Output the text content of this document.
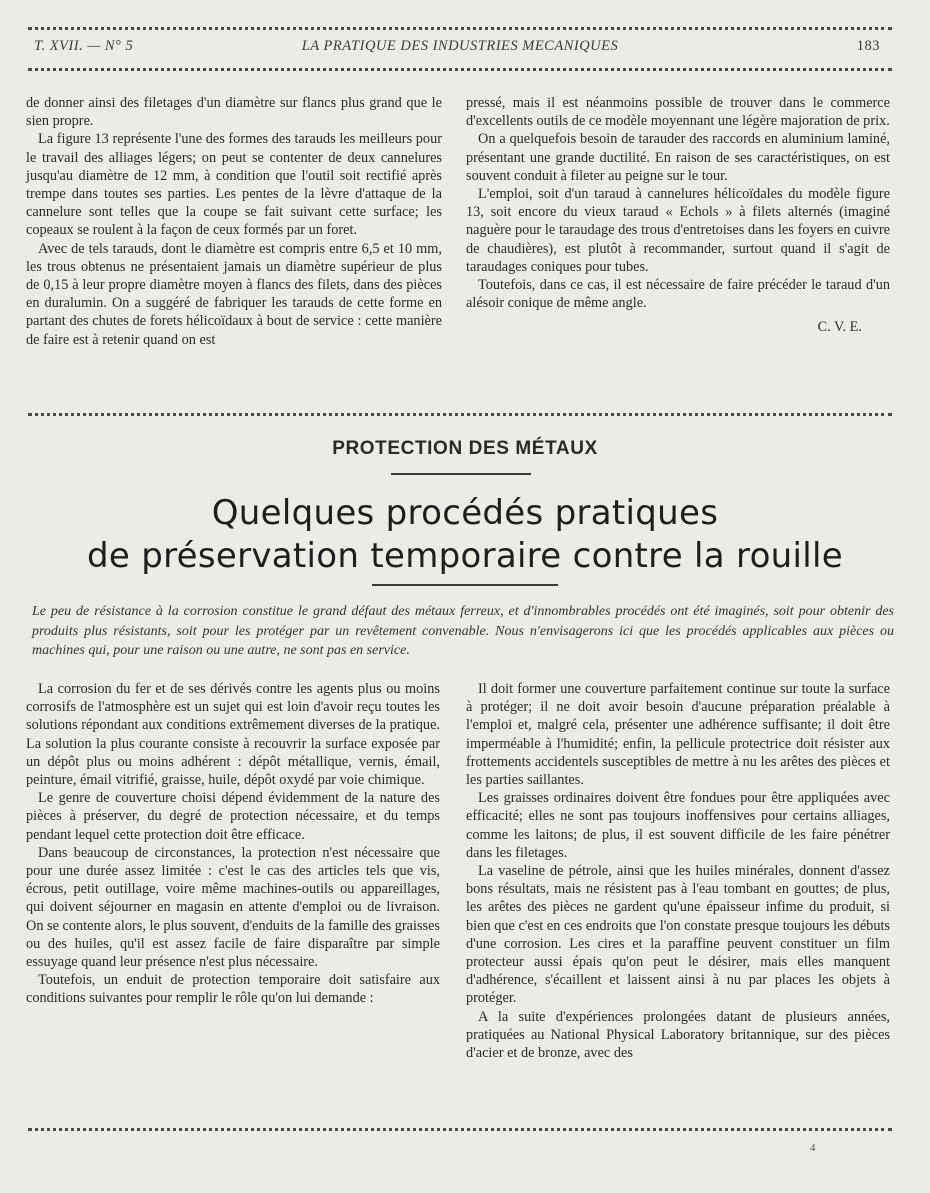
T. XVII. — N° 5	LA PRATIQUE DES INDUSTRIES MECANIQUES	183

de donner ainsi des filetages d'un diamètre sur flancs plus grand que le sien propre.

La figure 13 représente l'une des formes des tarauds les meilleurs pour le travail des alliages légers; on peut se contenter de deux cannelures jusqu'au diamètre de 12 mm, à condition que l'outil soit rectifié après trempe dans toutes ses parties. Les pentes de la lèvre d'attaque de la cannelure sont telles que la coupe se fait suivant cette surface; les copeaux se roulent à la façon de ceux formés par un foret.

Avec de tels tarauds, dont le diamètre est compris entre 6,5 et 10 mm, les trous obtenus ne présentaient jamais un diamètre supérieur de plus de 0,15 à leur propre diamètre moyen à flancs des filets, dans des pièces en duralumin. On a suggéré de fabriquer les tarauds de cette forme en partant des chutes de forets hélicoïdaux à bout de service : cette manière de faire est à retenir quand on est

pressé, mais il est néanmoins possible de trouver dans le commerce d'excellents outils de ce modèle moyennant une légère majoration de prix.

On a quelquefois besoin de tarauder des raccords en aluminium laminé, présentant une grande ductilité. En raison de ses caractéristiques, on est souvent conduit à fileter au peigne sur le tour.

L'emploi, soit d'un taraud à cannelures hélicoïdales du modèle figure 13, soit encore du vieux taraud « Echols » à filets alternés (imaginé naguère pour le taraudage des trous d'entretoises dans les foyers en cuivre de chaudières), est plutôt à recommander, surtout quand il s'agit de taraudages coniques pour tubes.

Toutefois, dans ce cas, il est nécessaire de faire précéder le taraud d'un alésoir conique de même angle.

C. V. E.
PROTECTION DES MÉTAUX
Quelques procédés pratiques
de préservation temporaire contre la rouille
Le peu de résistance à la corrosion constitue le grand défaut des métaux ferreux, et d'innombrables procédés ont été imaginés, soit pour obtenir des produits plus résistants, soit pour les protéger par un revêtement convenable. Nous n'envisagerons ici que les procédés applicables aux pièces ou machines qui, pour une raison ou une autre, ne sont pas en service.

La corrosion du fer et de ses dérivés contre les agents plus ou moins corrosifs de l'atmosphère est un sujet qui est loin d'avoir reçu toutes les solutions répondant aux conditions extrêmement diverses de la pratique. La solution la plus courante consiste à recouvrir la surface exposée par un dépôt plus ou moins adhérent : dépôt métallique, vernis, émail, peinture, émail vitrifié, graisse, huile, dépôt oxydé par voie chimique.

Le genre de couverture choisi dépend évidemment de la nature des pièces à préserver, du degré de protection nécessaire, et du temps pendant lequel cette protection doit être efficace.

Dans beaucoup de circonstances, la protection n'est nécessaire que pour une durée assez limitée : c'est le cas des articles tels que vis, écrous, petit outillage, voire même machines-outils ou appareillages, qui doivent séjourner en magasin en attente d'emploi ou de livraison. On se contente alors, le plus souvent, d'enduits de la famille des graisses ou des huiles, qu'il est assez facile de faire disparaître par simple essuyage quand leur présence n'est plus nécessaire.

Toutefois, un enduit de protection temporaire doit satisfaire aux conditions suivantes pour remplir le rôle qu'on lui demande :

Il doit former une couverture parfaitement continue sur toute la surface à protéger; il ne doit avoir besoin d'aucune préparation préalable à l'emploi et, malgré cela, présenter une adhérence suffisante; il doit être imperméable à l'humidité; enfin, la pellicule protectrice doit résister aux frottements accidentels susceptibles de mettre à nu les arêtes des pièces et les parties saillantes.

Les graisses ordinaires doivent être fondues pour être appliquées avec efficacité; elles ne sont pas toujours inoffensives pour certains alliages, comme les laitons; de plus, il est souvent difficile de les faire pénétrer dans les filetages.

La vaseline de pétrole, ainsi que les huiles minérales, donnent d'assez bons résultats, mais ne résistent pas à l'eau tombant en gouttes; de plus, les arêtes des pièces ne gardent qu'une épaisseur infime du produit, si bien que c'est en ces endroits que l'on constate presque toujours les débuts d'une corrosion. Les cires et la paraffine peuvent constituer un film protecteur aussi épais qu'on peut le désirer, mais elles manquent d'adhérence, s'écaillent et laissent ainsi à nu par places les objets à protéger.

A la suite d'expériences prolongées datant de plusieurs années, pratiquées au National Physical Laboratory britannique, sur des pièces d'acier et de bronze, avec des

4
